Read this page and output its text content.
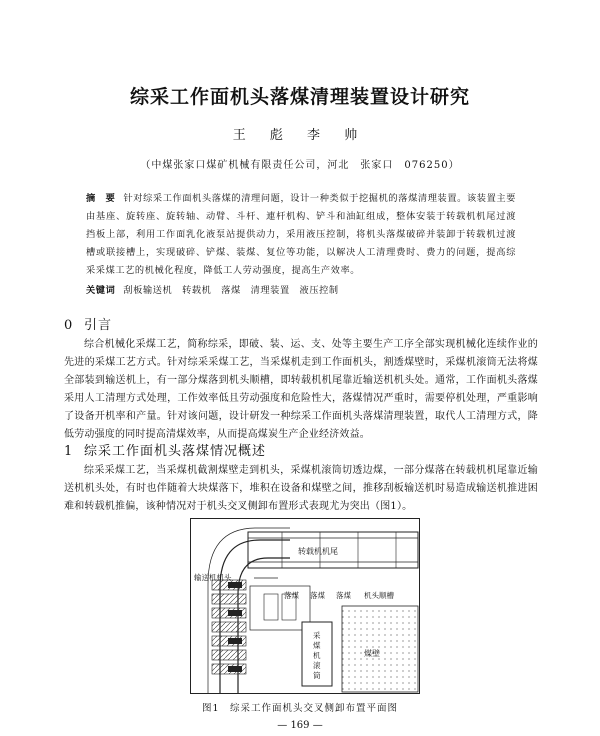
综采工作面机头落煤清理装置设计研究
王 彪 李 帅
（中煤张家口煤矿机械有限责任公司，河北　张家口　076250）
摘　要 针对综采工作面机头落煤的清理问题，设计一种类似于挖掘机的落煤清理装置。该装置主要由基座、旋转座、旋转轴、动臂、斗杆、連杆机构、铲斗和油缸组成，整体安装于转载机机尾过渡挡板上部，利用工作面乳化液泵站提供动力，采用液压控制，将机头落煤破碎并装卸于转载机过渡槽或联接槽上，实现破碎、铲煤、装煤、复位等功能，以解决人工清理费时、费力的问题，提高综采采煤工艺的机械化程度，降低工人劳动强度，提高生产效率。
关键词 刮板输送机　转载机　落煤　清理装置　液压控制
0 引言
综合机械化采煤工艺，简称综采，即破、装、运、支、处等主要生产工序全部实现机械化连续作业的先进的采煤工艺方式。针对综采采煤工艺，当采煤机走到工作面机头，割透煤壁时，采煤机滚筒无法将煤全部装到输送机上，有一部分煤落到机头顺槽，即转载机机尾靠近输送机机头处。通常，工作面机头落煤采用人工清理方式处理，工作效率低且劳动强度和危险性大，落煤情况严重时，需要停机处理，严重影响了设备开机率和产量。针对该问题，设计研发一种综采工作面机头落煤清理装置，取代人工清理方式，降低劳动强度的同时提高清煤效率，从而提高煤炭生产企业经济效益。
1 综采工作面机头落煤情况概述
综采采煤工艺，当采煤机截割煤壁走到机头，采煤机滚筒切透边煤，一部分煤落在转载机机尾靠近输送机机头处，有时也伴随着大块煤落下，堆积在设备和煤壁之间，推移刮板输送机时易造成输送机推进困难和转载机推偏，该种情况对于机头交叉侧卸布置形式表现尤为突出（图1）。
转载机机尾
输送机机头
落煤 落煤 落煤 机头顺槽
煤壁
采 煤 机 滚 筒
图1　综采工作面机头交叉侧卸布置平面图
— 169 —
